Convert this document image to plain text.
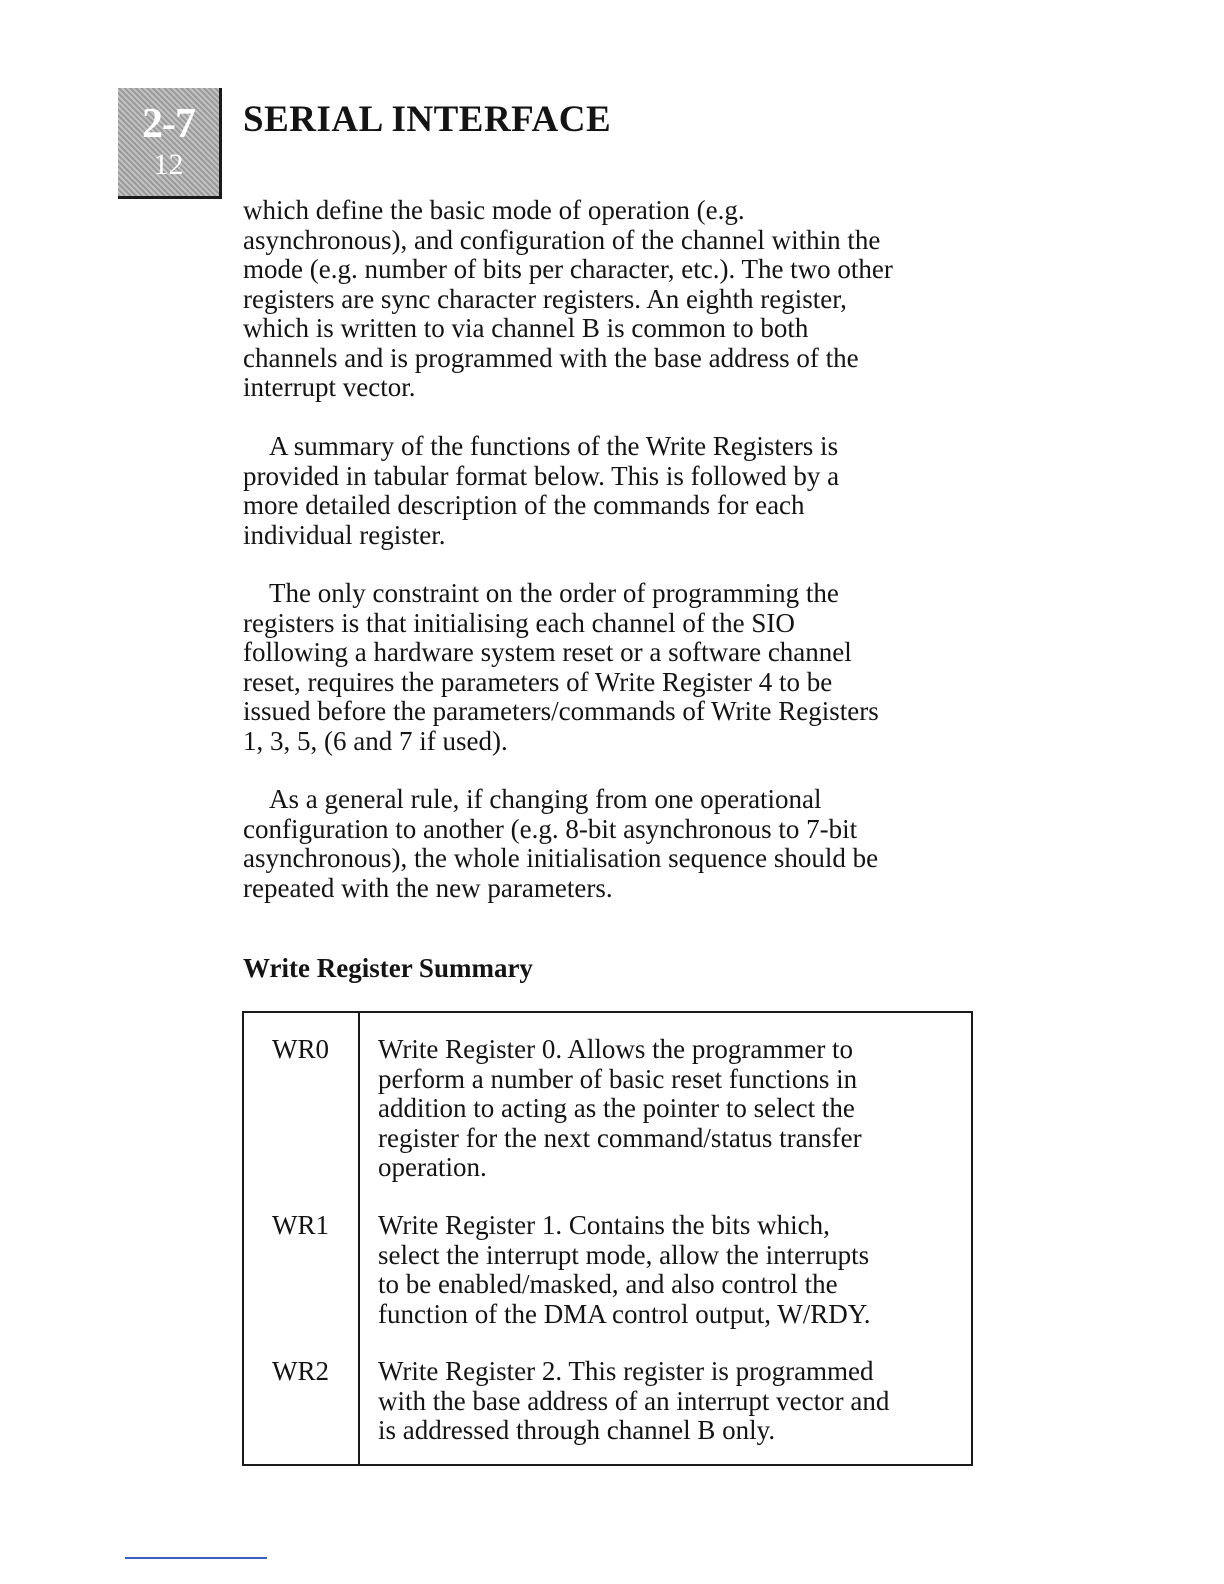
2-7
12
SERIAL INTERFACE
which define the basic mode of operation (e.g.
asynchronous), and configuration of the channel within the
mode (e.g. number of bits per character, etc.). The two other
registers are sync character registers. An eighth register,
which is written to via channel B is common to both
channels and is programmed with the base address of the
interrupt vector.
A summary of the functions of the Write Registers is
provided in tabular format below. This is followed by a
more detailed description of the commands for each
individual register.
The only constraint on the order of programming the
registers is that initialising each channel of the SIO
following a hardware system reset or a software channel
reset, requires the parameters of Write Register 4 to be
issued before the parameters/commands of Write Registers
1, 3, 5, (6 and 7 if used).
As a general rule, if changing from one operational
configuration to another (e.g. 8-bit asynchronous to 7-bit
asynchronous), the whole initialisation sequence should be
repeated with the new parameters.
Write Register Summary
WR0 Write Register 0. Allows the programmer to
perform a number of basic reset functions in
addition to acting as the pointer to select the
register for the next command/status transfer
operation.
WR1 Write Register 1. Contains the bits which,
select the interrupt mode, allow the interrupts
to be enabled/masked, and also control the
function of the DMA control output, W/RDY.
WR2 Write Register 2. This register is programmed
with the base address of an interrupt vector and
is addressed through channel B only.
